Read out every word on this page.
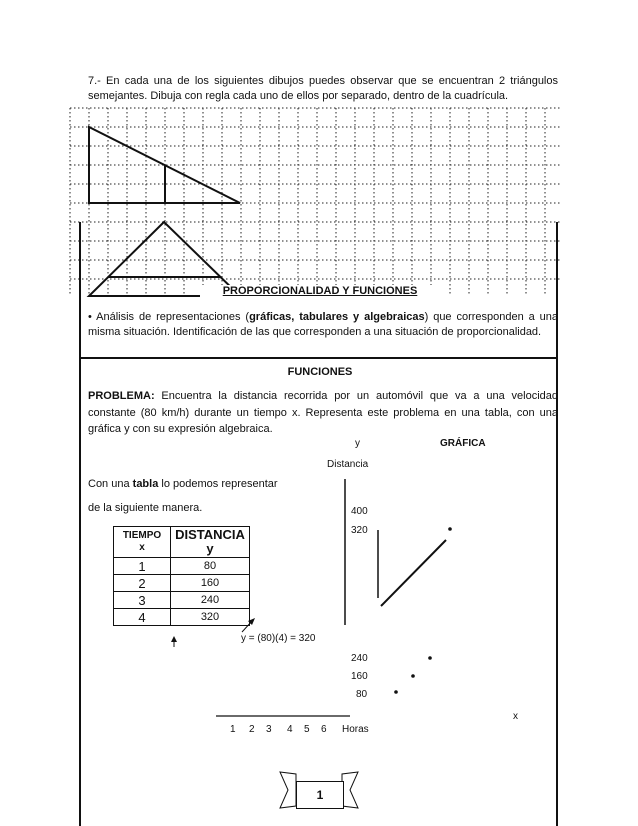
7.- En cada una de los siguientes dibujos puedes observar que se encuentran 2 triángulos semejantes. Dibuja con regla cada uno de ellos por separado, dentro de la cuadrícula.
PROPORCIONALIDAD Y FUNCIONES
• Análisis de representaciones (gráficas, tabulares y algebraicas) que corresponden a una misma situación. Identificación de las que corresponden a una situación de proporcionalidad.
FUNCIONES
PROBLEMA: Encuentra la distancia recorrida por un automóvil que va a una velocidad constante (80 km/h) durante un tiempo x. Representa este problema en una tabla, con una gráfica y con su expresión algebraica.
y	GRÁFICA
Distancia
Con una tabla lo podemos representar
de la siguiente manera.	400
320
TIEMPO
x	DISTANCIA
y
1	80
2	160
3	240
4	320
y = (80)(4) = 320
240
160
80
x
1 2 3 4 5 6 Horas
1
